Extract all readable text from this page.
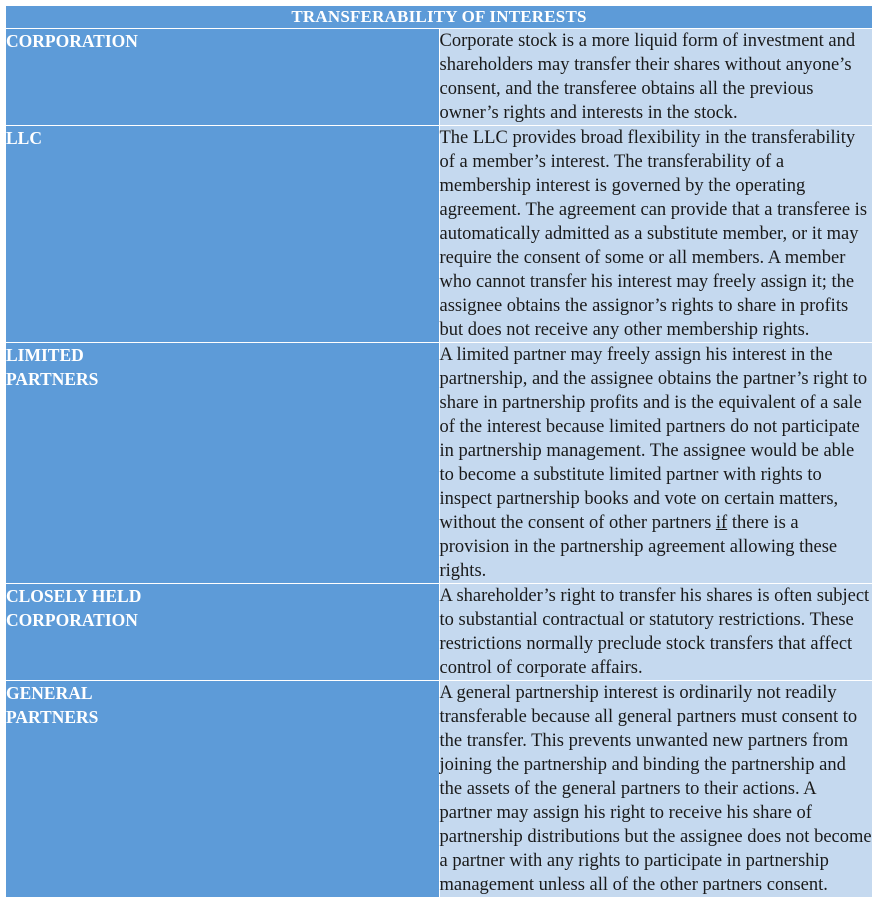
TRANSFERABILITY OF INTERESTS	
CORPORATION	Corporate stock is a more liquid form of investment and shareholders may transfer their shares without anyone’s consent, and the transferee obtains all the previous owner’s rights and interests in the stock.
LLC	The LLC provides broad flexibility in the transferability of a member’s interest. The transferability of a membership interest is governed by the operating agreement. The agreement can provide that a transferee is automatically admitted as a substitute member, or it may require the consent of some or all members. A member who cannot transfer his interest may freely assign it; the assignee obtains the assignor’s rights to share in profits but does not receive any other membership rights.
LIMITED
PARTNERS	A limited partner may freely assign his interest in the partnership, and the assignee obtains the partner’s right to share in partnership profits and is the equivalent of a sale of the interest because limited partners do not participate in partnership management. The assignee would be able to become a substitute limited partner with rights to inspect partnership books and vote on certain matters, without the consent of other partners if there is a provision in the partnership agreement allowing these rights.
CLOSELY HELD
CORPORATION	A shareholder’s right to transfer his shares is often subject to substantial contractual or statutory restrictions. These restrictions normally preclude stock transfers that affect control of corporate affairs.
GENERAL
PARTNERS	A general partnership interest is ordinarily not readily transferable because all general partners must consent to the transfer. This prevents unwanted new partners from joining the partnership and binding the partnership and the assets of the general partners to their actions. A partner may assign his right to receive his share of partnership distributions but the assignee does not become a partner with any rights to participate in partnership management unless all of the other partners consent.
